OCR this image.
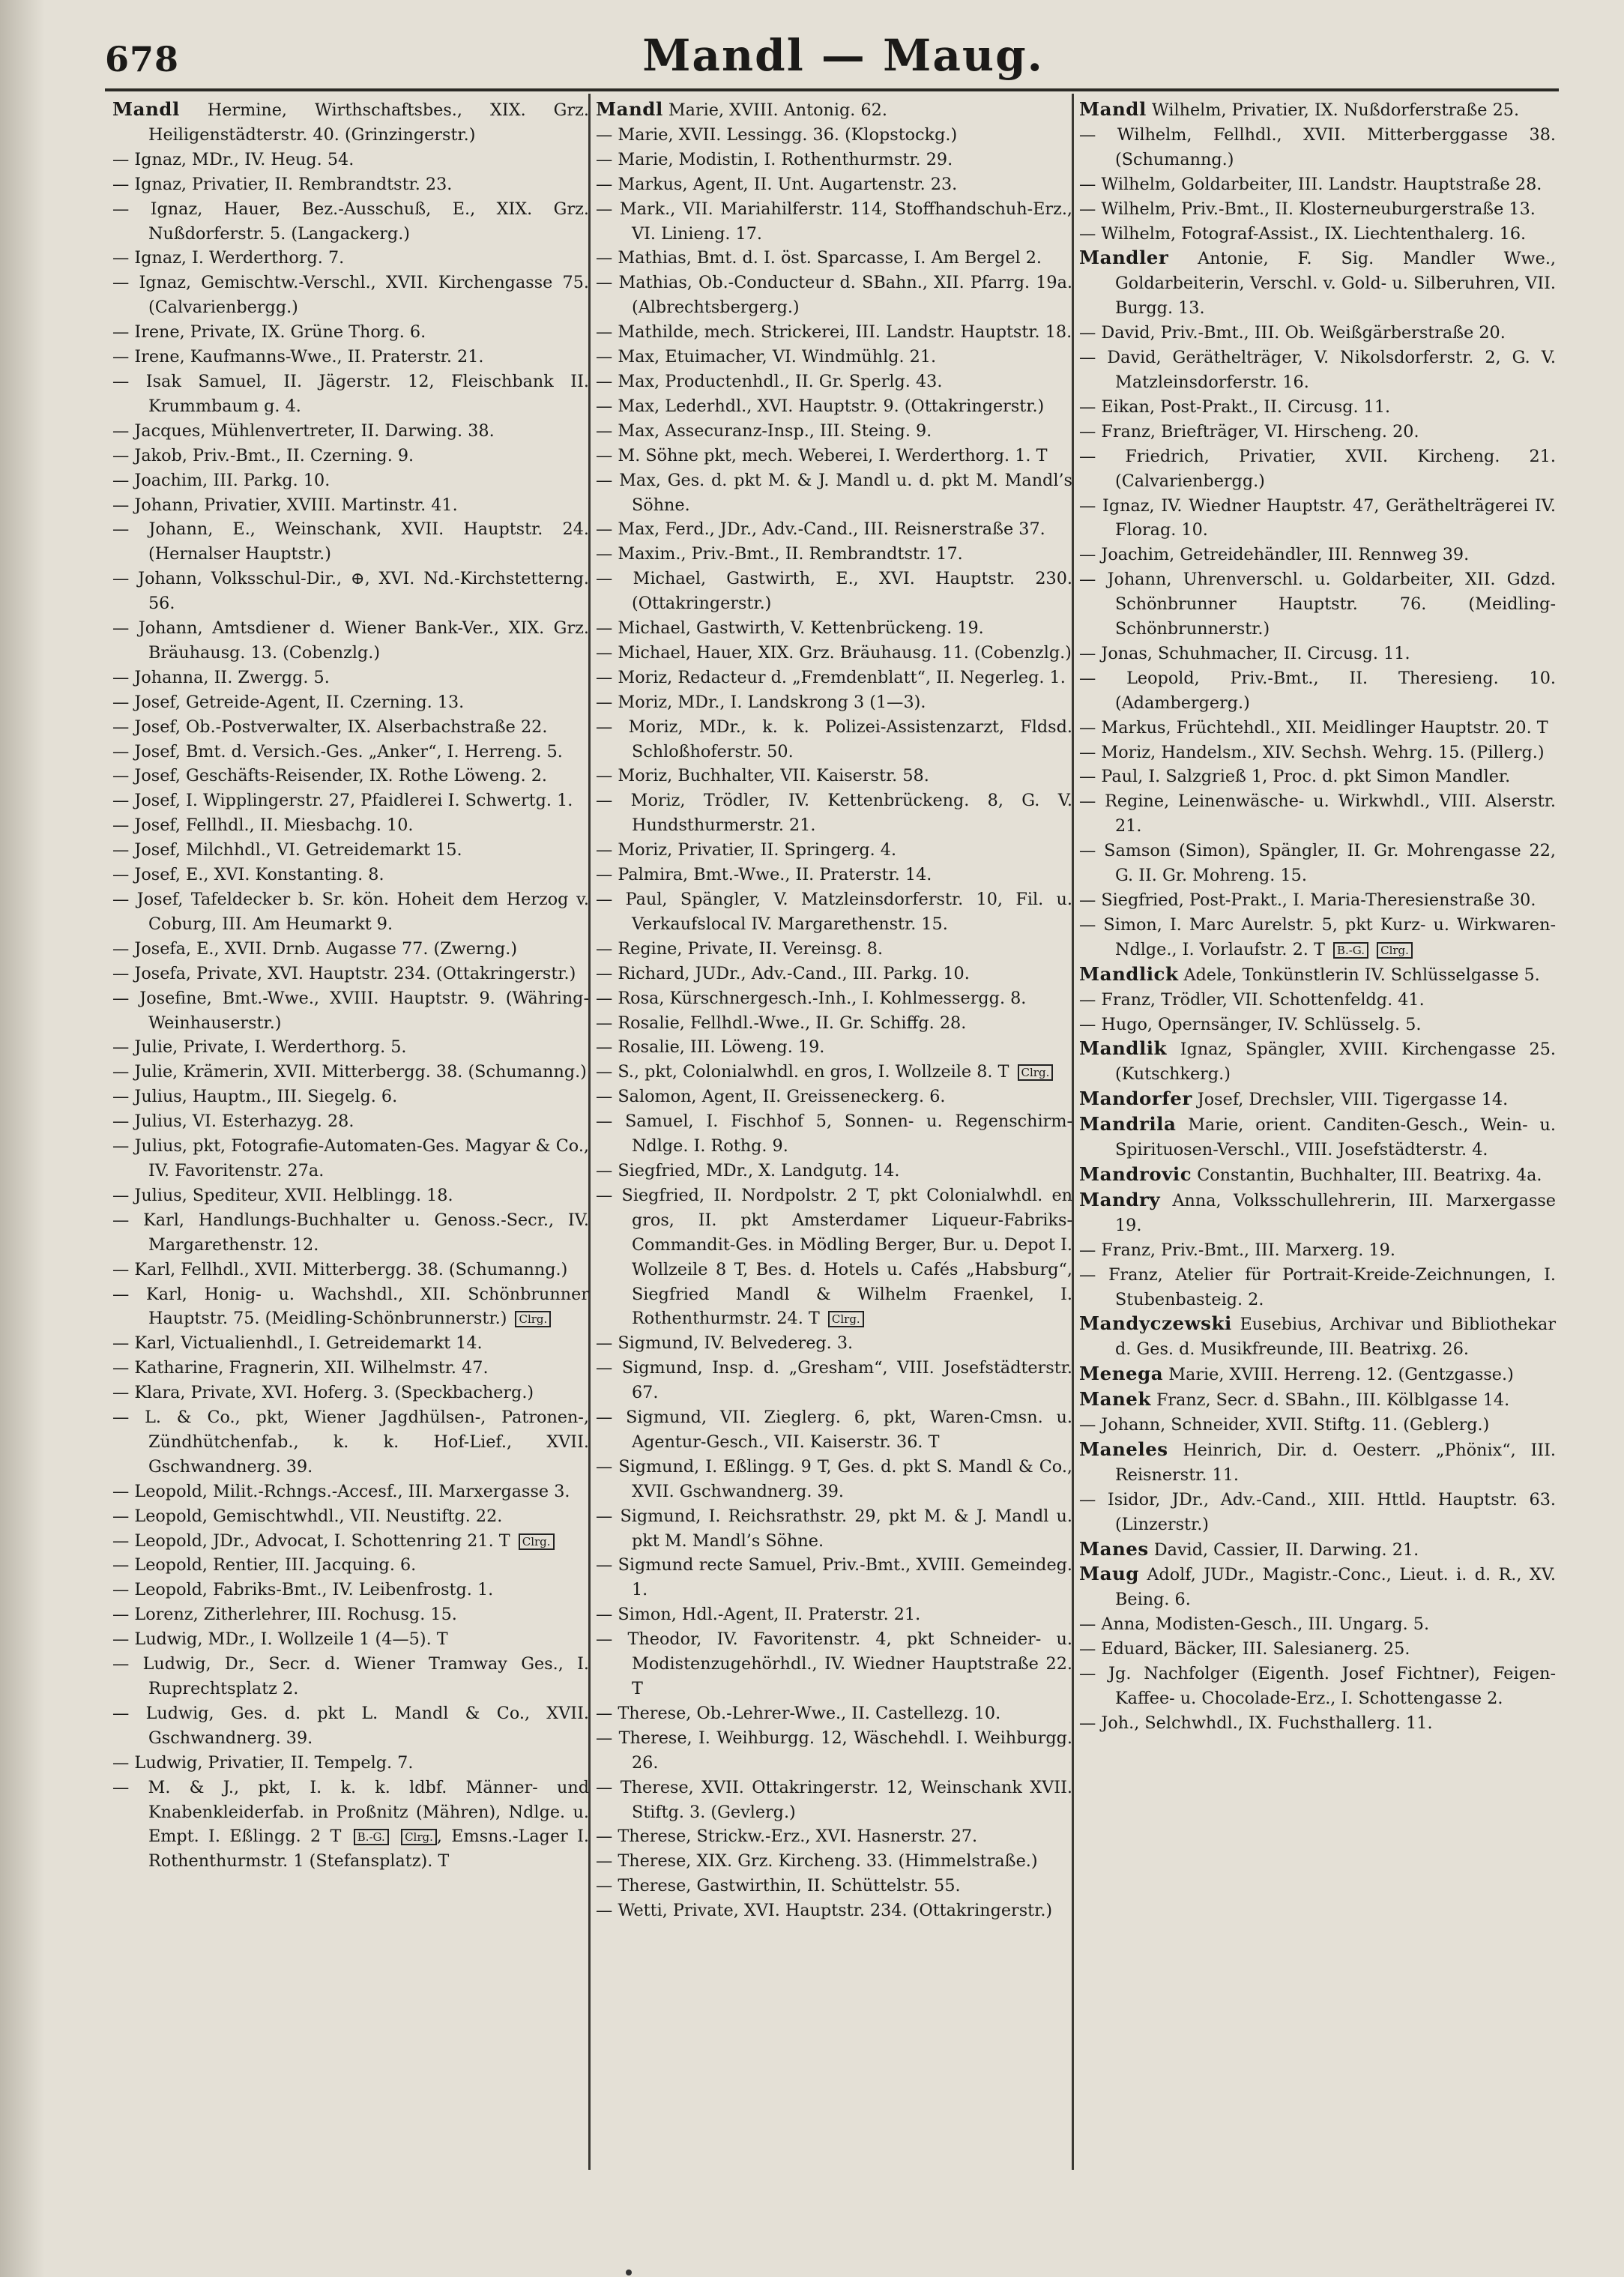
678	Mandl — Maug.
Mandl Hermine, Wirthschaftsbes., XIX. Grz. Heiligenstädterstr. 40. (Grinzingerstr.)
— Ignaz, MDr., IV. Heug. 54.
— Ignaz, Privatier, II. Rembrandtstr. 23.
— Ignaz, Hauer, Bez.-Ausschuß, E., XIX. Grz. Nußdorferstr. 5. (Langackerg.)
— Ignaz, I. Werderthorg. 7.
— Ignaz, Gemischtw.-Verschl., XVII. Kirchengasse 75. (Calvarienbergg.)
— Irene, Private, IX. Grüne Thorg. 6.
— Irene, Kaufmanns-Wwe., II. Praterstr. 21.
— Isak Samuel, II. Jägerstr. 12, Fleischbank II. Krummbaum g. 4.
— Jacques, Mühlenvertreter, II. Darwing. 38.
— Jakob, Priv.-Bmt., II. Czerning. 9.
— Joachim, III. Parkg. 10.
— Johann, Privatier, XVIII. Martinstr. 41.
— Johann, E., Weinschank, XVII. Hauptstr. 24. (Hernalser Hauptstr.)
— Johann, Volksschul-Dir., ⊕, XVI. Nd.-Kirchstetterng. 56.
— Johann, Amtsdiener d. Wiener Bank-Ver., XIX. Grz. Bräuhausg. 13. (Cobenzlg.)
— Johanna, II. Zwergg. 5.
— Josef, Getreide-Agent, II. Czerning. 13.
— Josef, Ob.-Postverwalter, IX. Alserbachstraße 22.
— Josef, Bmt. d. Versich.-Ges. „Anker“, I. Herreng. 5.
— Josef, Geschäfts-Reisender, IX. Rothe Löweng. 2.
— Josef, I. Wipplingerstr. 27, Pfaidlerei I. Schwertg. 1.
— Josef, Fellhdl., II. Miesbachg. 10.
— Josef, Milchhdl., VI. Getreidemarkt 15.
— Josef, E., XVI. Konstanting. 8.
— Josef, Tafeldecker b. Sr. kön. Hoheit dem Herzog v. Coburg, III. Am Heumarkt 9.
— Josefa, E., XVII. Drnb. Augasse 77. (Zwerng.)
— Josefa, Private, XVI. Hauptstr. 234. (Ottakringerstr.)
— Josefine, Bmt.-Wwe., XVIII. Hauptstr. 9. (Währing-Weinhauserstr.)
— Julie, Private, I. Werderthorg. 5.
— Julie, Krämerin, XVII. Mitterbergg. 38. (Schumanng.)
— Julius, Hauptm., III. Siegelg. 6.
— Julius, VI. Esterhazyg. 28.
— Julius, pkt, Fotografie-Automaten-Ges. Magyar & Co., IV. Favoritenstr. 27a.
— Julius, Spediteur, XVII. Helblingg. 18.
— Karl, Handlungs-Buchhalter u. Genoss.-Secr., IV. Margarethenstr. 12.
— Karl, Fellhdl., XVII. Mitterbergg. 38. (Schumanng.)
— Karl, Honig- u. Wachshdl., XII. Schönbrunner Hauptstr. 75. (Meidling-Schönbrunnerstr.) Clrg.
— Karl, Victualienhdl., I. Getreidemarkt 14.
— Katharine, Fragnerin, XII. Wilhelmstr. 47.
— Klara, Private, XVI. Hoferg. 3. (Speckbacherg.)
— L. & Co., pkt, Wiener Jagdhülsen-, Patronen-, Zündhütchenfab., k. k. Hof-Lief., XVII. Gschwandnerg. 39.
— Leopold, Milit.-Rchngs.-Accesf., III. Marxergasse 3.
— Leopold, Gemischtwhdl., VII. Neustiftg. 22.
— Leopold, JDr., Advocat, I. Schottenring 21. T Clrg.
— Leopold, Rentier, III. Jacquing. 6.
— Leopold, Fabriks-Bmt., IV. Leibenfrostg. 1.
— Lorenz, Zitherlehrer, III. Rochusg. 15.
— Ludwig, MDr., I. Wollzeile 1 (4—5). T
— Ludwig, Dr., Secr. d. Wiener Tramway Ges., I. Ruprechtsplatz 2.
— Ludwig, Ges. d. pkt L. Mandl & Co., XVII. Gschwandnerg. 39.
— Ludwig, Privatier, II. Tempelg. 7.
— M. & J., pkt, I. k. k. ldbf. Männer- und Knabenkleiderfab. in Proßnitz (Mähren), Ndlge. u. Empt. I. Eßlingg. 2 T B.-G. Clrg. , Emsns.-Lager I. Rothenthurmstr. 1 (Stefansplatz). T
Mandl Marie, XVIII. Antonig. 62.
— Marie, XVII. Lessingg. 36. (Klopstockg.)
— Marie, Modistin, I. Rothenthurmstr. 29.
— Markus, Agent, II. Unt. Augartenstr. 23.
— Mark., VII. Mariahilferstr. 114, Stoffhandschuh-Erz., VI. Linieng. 17.
— Mathias, Bmt. d. I. öst. Sparcasse, I. Am Bergel 2.
— Mathias, Ob.-Conducteur d. SBahn., XII. Pfarrg. 19a. (Albrechtsbergerg.)
— Mathilde, mech. Strickerei, III. Landstr. Hauptstr. 18.
— Max, Etuimacher, VI. Windmühlg. 21.
— Max, Productenhdl., II. Gr. Sperlg. 43.
— Max, Lederhdl., XVI. Hauptstr. 9. (Ottakringerstr.)
— Max, Assecuranz-Insp., III. Steing. 9.
— M. Söhne pkt, mech. Weberei, I. Werderthorg. 1. T
— Max, Ges. d. pkt M. & J. Mandl u. d. pkt M. Mandl’s Söhne.
— Max, Ferd., JDr., Adv.-Cand., III. Reisnerstraße 37.
— Maxim., Priv.-Bmt., II. Rembrandtstr. 17.
— Michael, Gastwirth, E., XVI. Hauptstr. 230. (Ottakringerstr.)
— Michael, Gastwirth, V. Kettenbrückeng. 19.
— Michael, Hauer, XIX. Grz. Bräuhausg. 11. (Cobenzlg.)
— Moriz, Redacteur d. „Fremdenblatt“, II. Negerleg. 1.
— Moriz, MDr., I. Landskrong 3 (1—3).
— Moriz, MDr., k. k. Polizei-Assistenzarzt, Fldsd. Schloßhoferstr. 50.
— Moriz, Buchhalter, VII. Kaiserstr. 58.
— Moriz, Trödler, IV. Kettenbrückeng. 8, G. V. Hundsthurmerstr. 21.
— Moriz, Privatier, II. Springerg. 4.
— Palmira, Bmt.-Wwe., II. Praterstr. 14.
— Paul, Spängler, V. Matzleinsdorferstr. 10, Fil. u. Verkaufslocal IV. Margarethenstr. 15.
— Regine, Private, II. Vereinsg. 8.
— Richard, JUDr., Adv.-Cand., III. Parkg. 10.
— Rosa, Kürschnergesch.-Inh., I. Kohlmessergg. 8.
— Rosalie, Fellhdl.-Wwe., II. Gr. Schiffg. 28.
— Rosalie, III. Löweng. 19.
— S., pkt, Colonialwhdl. en gros, I. Wollzeile 8. T Clrg.
— Salomon, Agent, II. Greisseneckerg. 6.
— Samuel, I. Fischhof 5, Sonnen- u. Regenschirm-Ndlge. I. Rothg. 9.
— Siegfried, MDr., X. Landgutg. 14.
— Siegfried, II. Nordpolstr. 2 T, pkt Colonialwhdl. en gros, II. pkt Amsterdamer Liqueur-Fabriks-Commandit-Ges. in Mödling Berger, Bur. u. Depot I. Wollzeile 8 T, Bes. d. Hotels u. Cafés „Habsburg“, Siegfried Mandl & Wilhelm Fraenkel, I. Rothenthurmstr. 24. T Clrg.
— Sigmund, IV. Belvedereg. 3.
— Sigmund, Insp. d. „Gresham“, VIII. Josefstädterstr. 67.
— Sigmund, VII. Zieglerg. 6, pkt, Waren-Cmsn. u. Agentur-Gesch., VII. Kaiserstr. 36. T
— Sigmund, I. Eßlingg. 9 T, Ges. d. pkt S. Mandl & Co., XVII. Gschwandnerg. 39.
— Sigmund, I. Reichsrathstr. 29, pkt M. & J. Mandl u. pkt M. Mandl’s Söhne.
— Sigmund recte Samuel, Priv.-Bmt., XVIII. Gemeindeg. 1.
— Simon, Hdl.-Agent, II. Praterstr. 21.
— Theodor, IV. Favoritenstr. 4, pkt Schneider- u. Modistenzugehörhdl., IV. Wiedner Hauptstraße 22. T
— Therese, Ob.-Lehrer-Wwe., II. Castellezg. 10.
— Therese, I. Weihburgg. 12, Wäschehdl. I. Weihburgg. 26.
— Therese, XVII. Ottakringerstr. 12, Weinschank XVII. Stiftg. 3. (Gevlerg.)
— Therese, Strickw.-Erz., XVI. Hasnerstr. 27.
— Therese, XIX. Grz. Kircheng. 33. (Himmelstraße.)
— Therese, Gastwirthin, II. Schüttelstr. 55.
— Wetti, Private, XVI. Hauptstr. 234. (Ottakringerstr.)
Mandl Wilhelm, Privatier, IX. Nußdorferstraße 25.
— Wilhelm, Fellhdl., XVII. Mitterberggasse 38. (Schumanng.)
— Wilhelm, Goldarbeiter, III. Landstr. Hauptstraße 28.
— Wilhelm, Priv.-Bmt., II. Klosterneuburgerstraße 13.
— Wilhelm, Fotograf-Assist., IX. Liechtenthalerg. 16.
Mandler Antonie, F. Sig. Mandler Wwe., Goldarbeiterin, Verschl. v. Gold- u. Silberuhren, VII. Burgg. 13.
— David, Priv.-Bmt., III. Ob. Weißgärberstraße 20.
— David, Geräthelträger, V. Nikolsdorferstr. 2, G. V. Matzleinsdorferstr. 16.
— Eikan, Post-Prakt., II. Circusg. 11.
— Franz, Briefträger, VI. Hirscheng. 20.
— Friedrich, Privatier, XVII. Kircheng. 21. (Calvarienbergg.)
— Ignaz, IV. Wiedner Hauptstr. 47, Geräthelträgerei IV. Florag. 10.
— Joachim, Getreidehändler, III. Rennweg 39.
— Johann, Uhrenverschl. u. Goldarbeiter, XII. Gdzd. Schönbrunner Hauptstr. 76. (Meidling-Schönbrunnerstr.)
— Jonas, Schuhmacher, II. Circusg. 11.
— Leopold, Priv.-Bmt., II. Theresieng. 10. (Adambergerg.)
— Markus, Früchtehdl., XII. Meidlinger Hauptstr. 20. T
— Moriz, Handelsm., XIV. Sechsh. Wehrg. 15. (Pillerg.)
— Paul, I. Salzgrieß 1, Proc. d. pkt Simon Mandler.
— Regine, Leinenwäsche- u. Wirkwhdl., VIII. Alserstr. 21.
— Samson (Simon), Spängler, II. Gr. Mohrengasse 22, G. II. Gr. Mohreng. 15.
— Siegfried, Post-Prakt., I. Maria-Theresienstraße 30.
— Simon, I. Marc Aurelstr. 5, pkt Kurz- u. Wirkwaren-Ndlge., I. Vorlaufstr. 2. T B.-G. Clrg.
Mandlick Adele, Tonkünstlerin IV. Schlüsselgasse 5.
— Franz, Trödler, VII. Schottenfeldg. 41.
— Hugo, Opernsänger, IV. Schlüsselg. 5.
Mandlik Ignaz, Spängler, XVIII. Kirchengasse 25. (Kutschkerg.)
Mandorfer Josef, Drechsler, VIII. Tigergasse 14.
Mandrila Marie, orient. Canditen-Gesch., Wein- u. Spirituosen-Verschl., VIII. Josefstädterstr. 4.
Mandrovic Constantin, Buchhalter, III. Beatrixg. 4a.
Mandry Anna, Volksschullehrerin, III. Marxergasse 19.
— Franz, Priv.-Bmt., III. Marxerg. 19.
— Franz, Atelier für Portrait-Kreide-Zeichnungen, I. Stubenbasteig. 2.
Mandyczewski Eusebius, Archivar und Bibliothekar d. Ges. d. Musikfreunde, III. Beatrixg. 26.
Menega Marie, XVIII. Herreng. 12. (Gentzgasse.)
Manek Franz, Secr. d. SBahn., III. Kölblgasse 14.
— Johann, Schneider, XVII. Stiftg. 11. (Geblerg.)
Maneles Heinrich, Dir. d. Oesterr. „Phönix“, III. Reisnerstr. 11.
— Isidor, JDr., Adv.-Cand., XIII. Httld. Hauptstr. 63. (Linzerstr.)
Manes David, Cassier, II. Darwing. 21.
Maug Adolf, JUDr., Magistr.-Conc., Lieut. i. d. R., XV. Being. 6.
— Anna, Modisten-Gesch., III. Ungarg. 5.
— Eduard, Bäcker, III. Salesianerg. 25.
— Jg. Nachfolger (Eigenth. Josef Fichtner), Feigen-Kaffee- u. Chocolade-Erz., I. Schottengasse 2.
— Joh., Selchwhdl., IX. Fuchsthallerg. 11.
